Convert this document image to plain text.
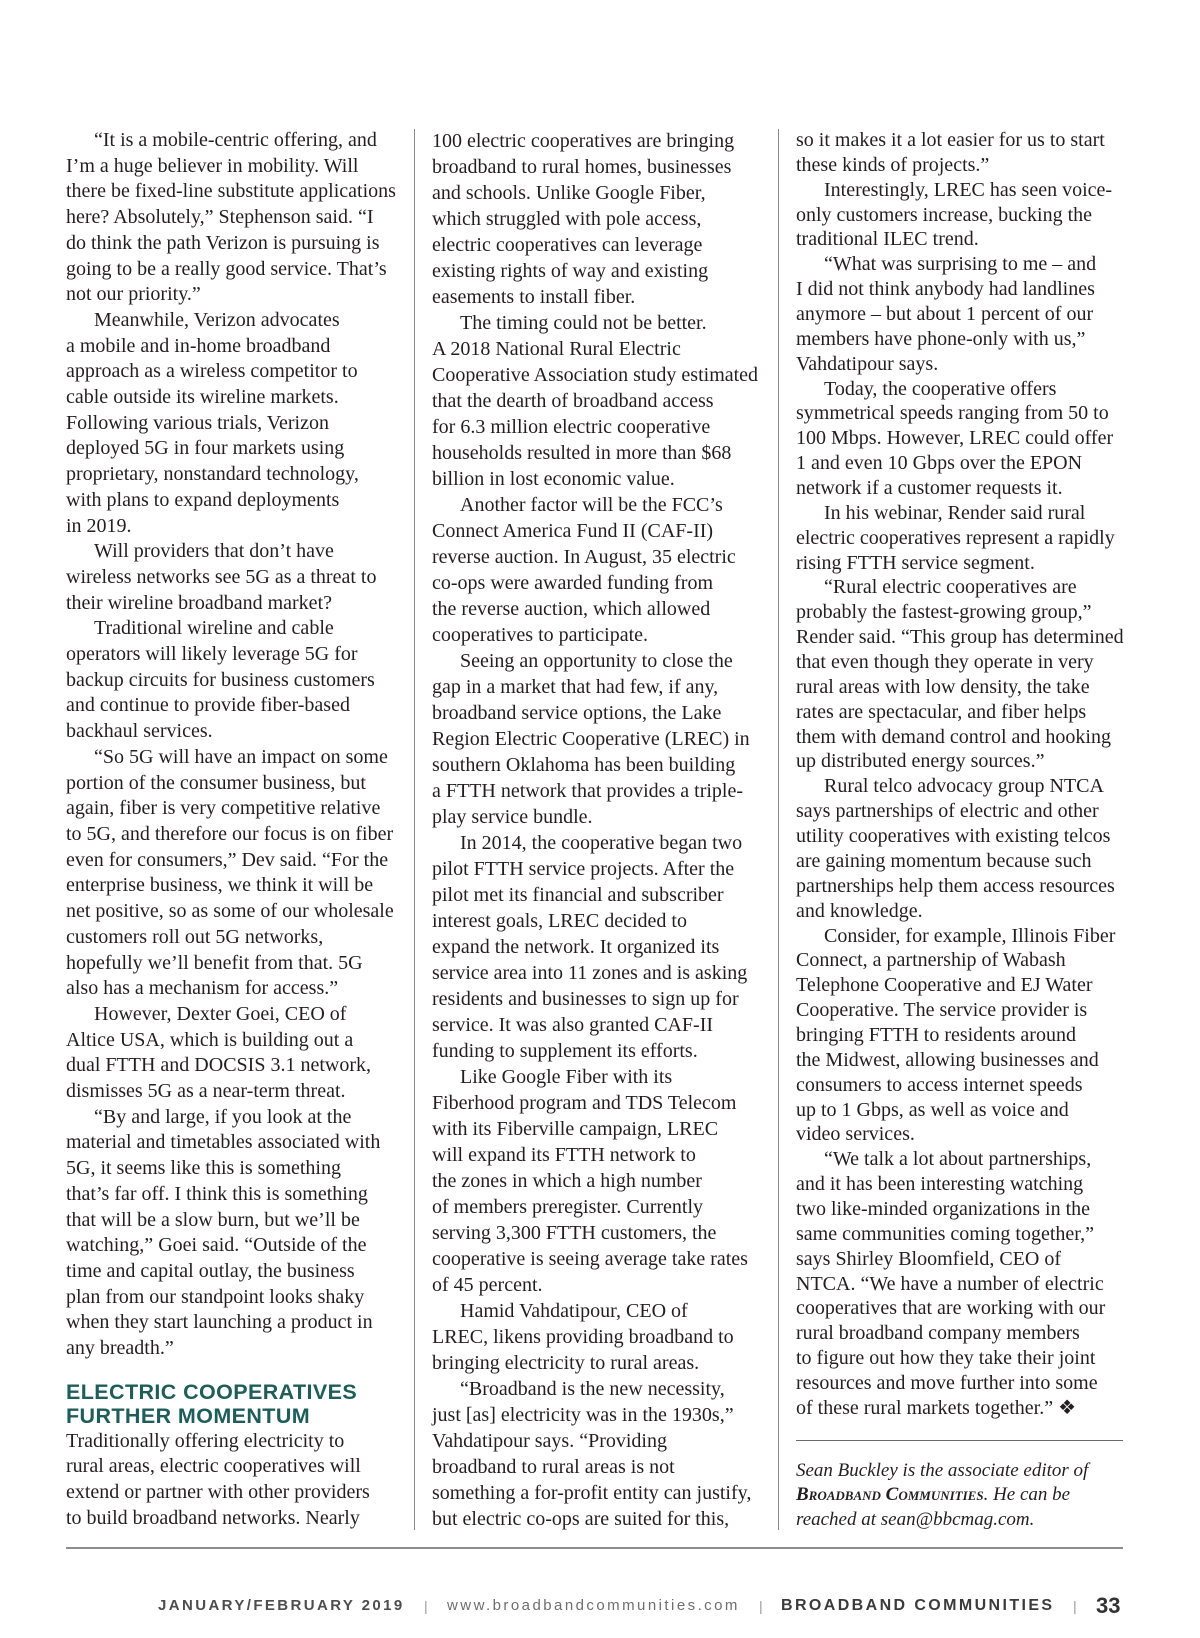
“It is a mobile-centric offering, and
I’m a huge believer in mobility. Will
there be fixed-line substitute applications
here? Absolutely,” Stephenson said. “I
do think the path Verizon is pursuing is
going to be a really good service. That’s
not our priority.”
Meanwhile, Verizon advocates
a mobile and in-home broadband
approach as a wireless competitor to
cable outside its wireline markets.
Following various trials, Verizon
deployed 5G in four markets using
proprietary, nonstandard technology,
with plans to expand deployments
in 2019.
Will providers that don’t have
wireless networks see 5G as a threat to
their wireline broadband market?
Traditional wireline and cable
operators will likely leverage 5G for
backup circuits for business customers
and continue to provide fiber-based
backhaul services.
“So 5G will have an impact on some
portion of the consumer business, but
again, fiber is very competitive relative
to 5G, and therefore our focus is on fiber
even for consumers,” Dev said. “For the
enterprise business, we think it will be
net positive, so as some of our wholesale
customers roll out 5G networks,
hopefully we’ll benefit from that. 5G
also has a mechanism for access.”
However, Dexter Goei, CEO of
Altice USA, which is building out a
dual FTTH and DOCSIS 3.1 network,
dismisses 5G as a near-term threat.
“By and large, if you look at the
material and timetables associated with
5G, it seems like this is something
that’s far off. I think this is something
that will be a slow burn, but we’ll be
watching,” Goei said. “Outside of the
time and capital outlay, the business
plan from our standpoint looks shaky
when they start launching a product in
any breadth.”
ELECTRIC COOPERATIVES
FURTHER MOMENTUM
Traditionally offering electricity to
rural areas, electric cooperatives will
extend or partner with other providers
to build broadband networks. Nearly
100 electric cooperatives are bringing
broadband to rural homes, businesses
and schools. Unlike Google Fiber,
which struggled with pole access,
electric cooperatives can leverage
existing rights of way and existing
easements to install fiber.
The timing could not be better.
A 2018 National Rural Electric
Cooperative Association study estimated
that the dearth of broadband access
for 6.3 million electric cooperative
households resulted in more than $68
billion in lost economic value.
Another factor will be the FCC’s
Connect America Fund II (CAF-II)
reverse auction. In August, 35 electric
co-ops were awarded funding from
the reverse auction, which allowed
cooperatives to participate.
Seeing an opportunity to close the
gap in a market that had few, if any,
broadband service options, the Lake
Region Electric Cooperative (LREC) in
southern Oklahoma has been building
a FTTH network that provides a triple-
play service bundle.
In 2014, the cooperative began two
pilot FTTH service projects. After the
pilot met its financial and subscriber
interest goals, LREC decided to
expand the network. It organized its
service area into 11 zones and is asking
residents and businesses to sign up for
service. It was also granted CAF-II
funding to supplement its efforts.
Like Google Fiber with its
Fiberhood program and TDS Telecom
with its Fiberville campaign, LREC
will expand its FTTH network to
the zones in which a high number
of members preregister. Currently
serving 3,300 FTTH customers, the
cooperative is seeing average take rates
of 45 percent.
Hamid Vahdatipour, CEO of
LREC, likens providing broadband to
bringing electricity to rural areas.
“Broadband is the new necessity,
just [as] electricity was in the 1930s,”
Vahdatipour says. “Providing
broadband to rural areas is not
something a for-profit entity can justify,
but electric co-ops are suited for this,
so it makes it a lot easier for us to start
these kinds of projects.”
Interestingly, LREC has seen voice-
only customers increase, bucking the
traditional ILEC trend.
“What was surprising to me – and
I did not think anybody had landlines
anymore – but about 1 percent of our
members have phone-only with us,”
Vahdatipour says.
Today, the cooperative offers
symmetrical speeds ranging from 50 to
100 Mbps. However, LREC could offer
1 and even 10 Gbps over the EPON
network if a customer requests it.
In his webinar, Render said rural
electric cooperatives represent a rapidly
rising FTTH service segment.
“Rural electric cooperatives are
probably the fastest-growing group,”
Render said. “This group has determined
that even though they operate in very
rural areas with low density, the take
rates are spectacular, and fiber helps
them with demand control and hooking
up distributed energy sources.”
Rural telco advocacy group NTCA
says partnerships of electric and other
utility cooperatives with existing telcos
are gaining momentum because such
partnerships help them access resources
and knowledge.
Consider, for example, Illinois Fiber
Connect, a partnership of Wabash
Telephone Cooperative and EJ Water
Cooperative. The service provider is
bringing FTTH to residents around
the Midwest, allowing businesses and
consumers to access internet speeds
up to 1 Gbps, as well as voice and
video services.
“We talk a lot about partnerships,
and it has been interesting watching
two like-minded organizations in the
same communities coming together,”
says Shirley Bloomfield, CEO of
NTCA. “We have a number of electric
cooperatives that are working with our
rural broadband company members
to figure out how they take their joint
resources and move further into some
of these rural markets together.” ❖
Sean Buckley is the associate editor of
Broadband Communities. He can be
reached at sean@bbcmag.com.
JANUARY/FEBRUARY 2019 | www.broadbandcommunities.com | BROADBAND COMMUNITIES | 33
